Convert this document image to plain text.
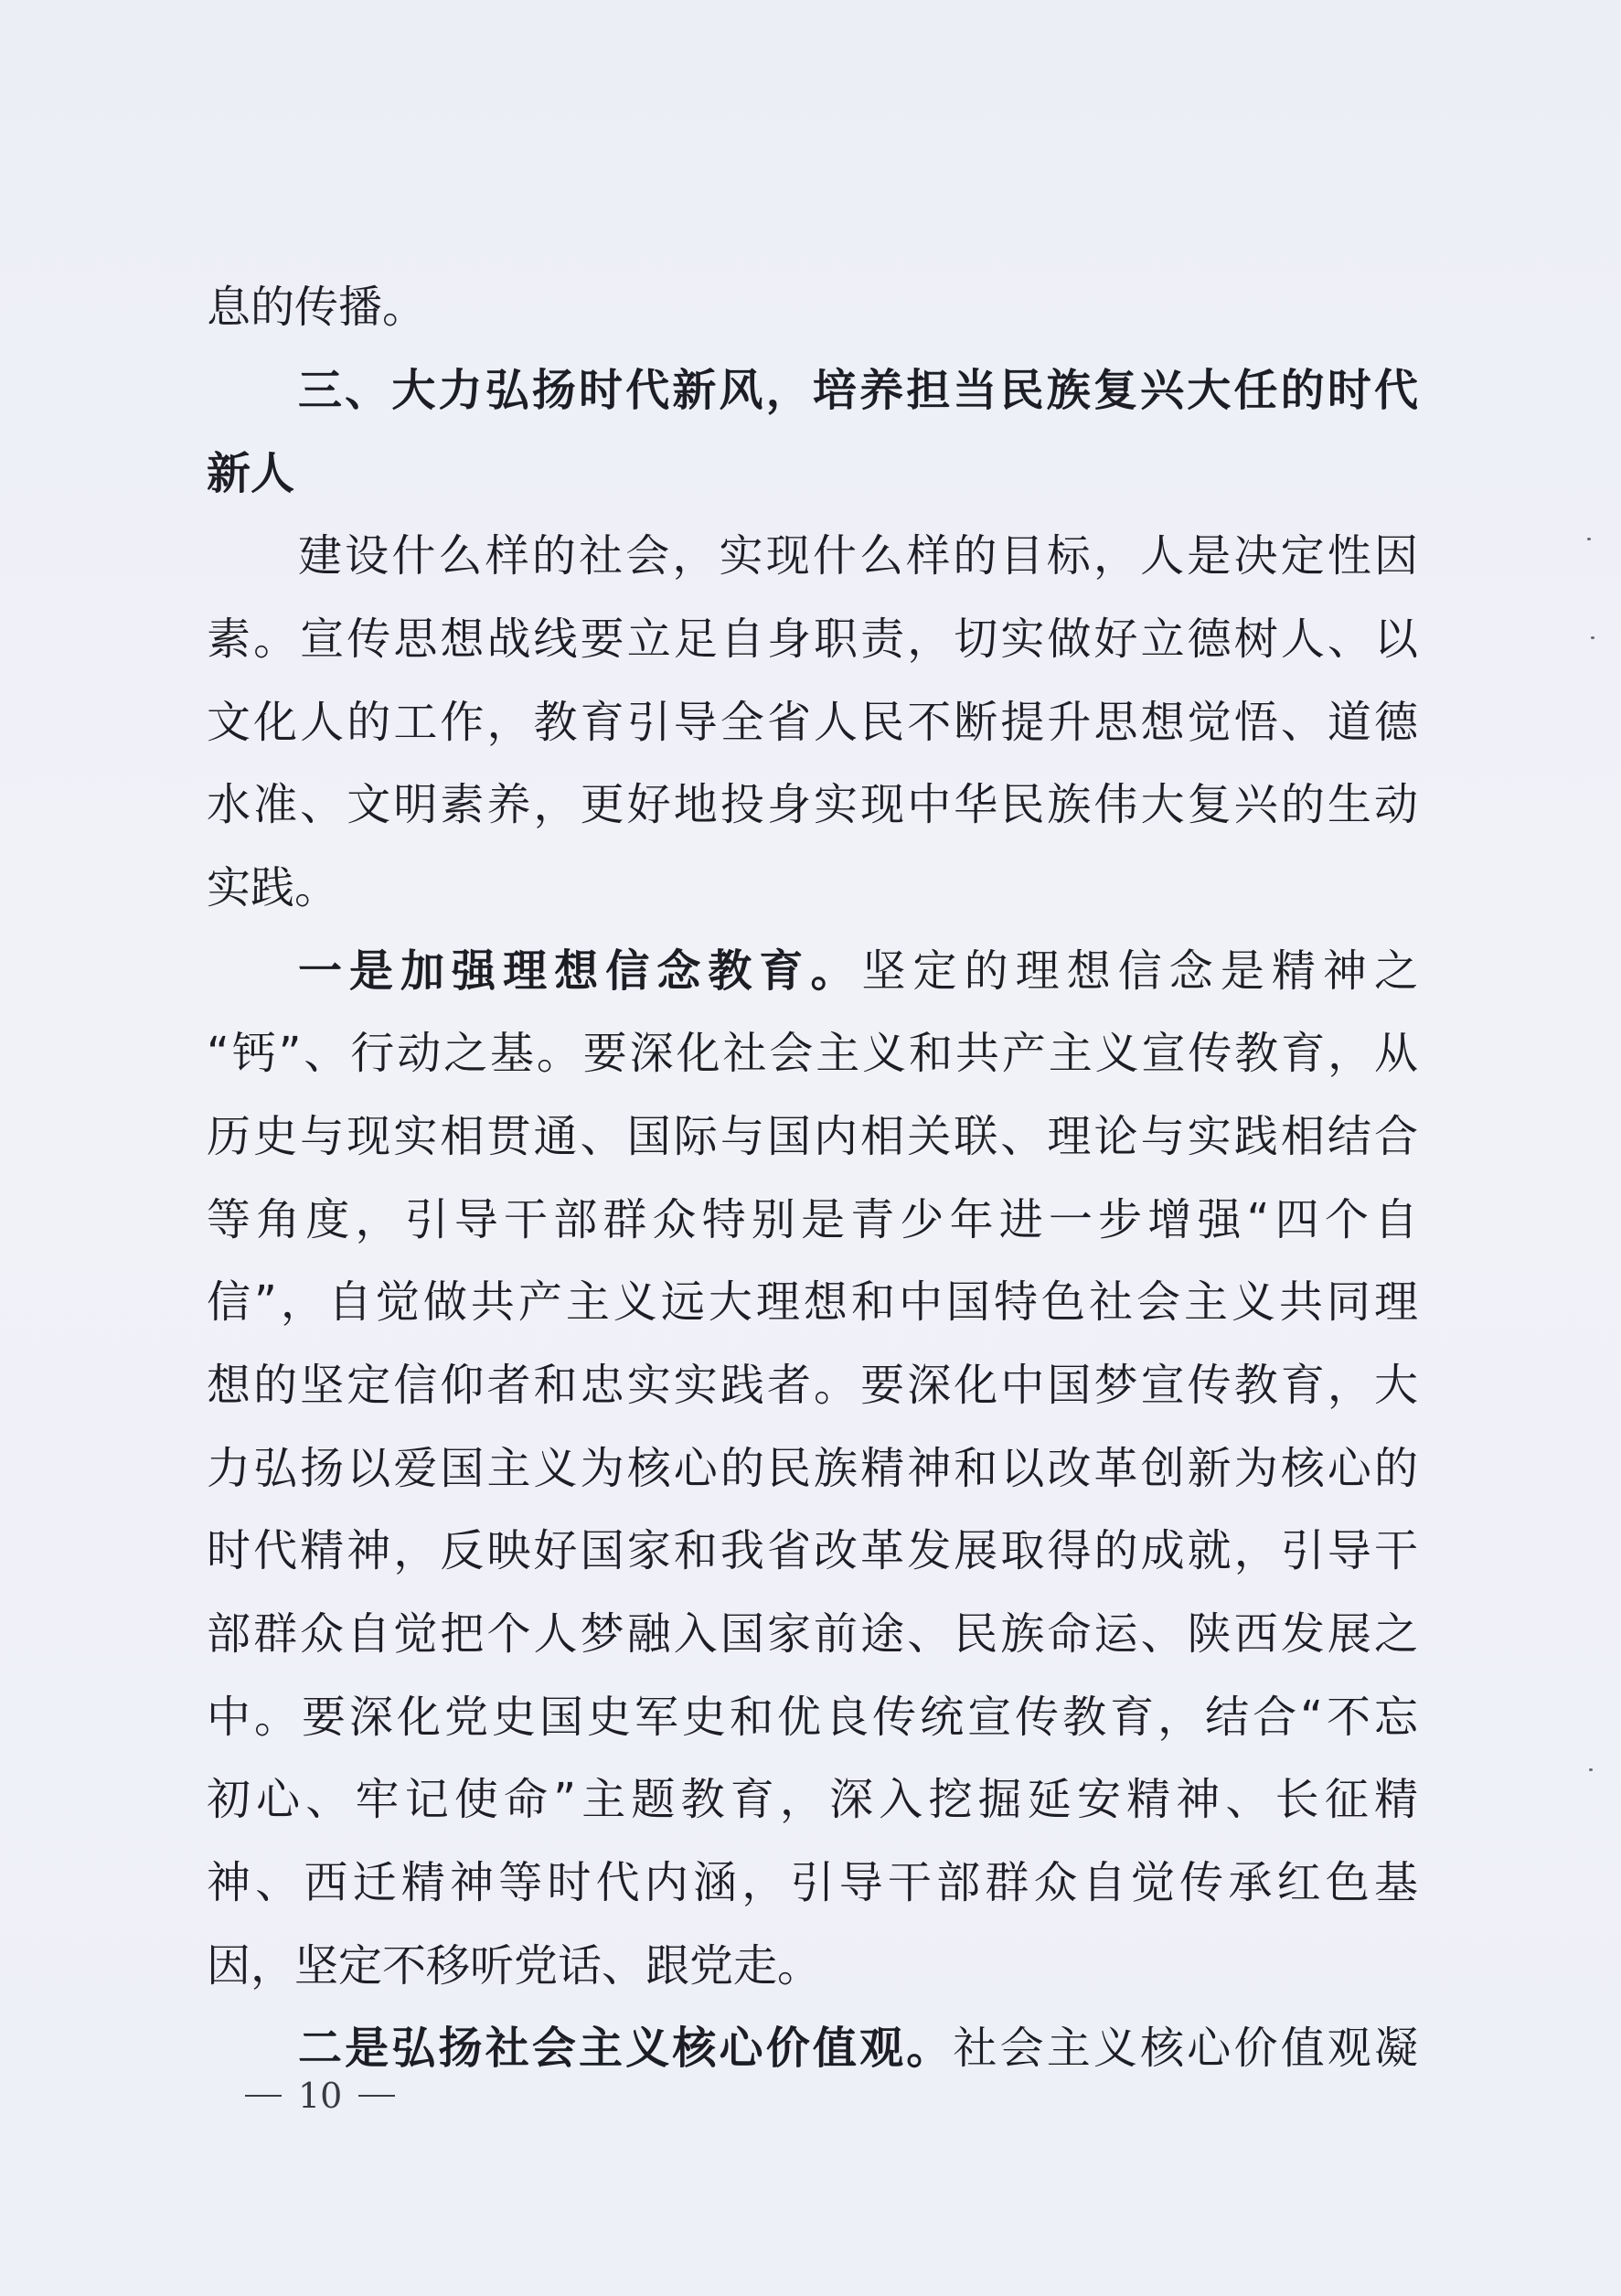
息的传播。
三、大力弘扬时代新风，培养担当民族复兴大任的时代
新人
建设什么样的社会，实现什么样的目标，人是决定性因
素。宣传思想战线要立足自身职责，切实做好立德树人、以
文化人的工作，教育引导全省人民不断提升思想觉悟、道德
水准、文明素养，更好地投身实现中华民族伟大复兴的生动
实践。
一是加强理想信念教育。坚定的理想信念是精神之
“钙”、行动之基。要深化社会主义和共产主义宣传教育，从
历史与现实相贯通、国际与国内相关联、理论与实践相结合
等角度，引导干部群众特别是青少年进一步增强“四个自
信”，自觉做共产主义远大理想和中国特色社会主义共同理
想的坚定信仰者和忠实实践者。要深化中国梦宣传教育，大
力弘扬以爱国主义为核心的民族精神和以改革创新为核心的
时代精神，反映好国家和我省改革发展取得的成就，引导干
部群众自觉把个人梦融入国家前途、民族命运、陕西发展之
中。要深化党史国史军史和优良传统宣传教育，结合“不忘
初心、牢记使命”主题教育，深入挖掘延安精神、长征精
神、西迁精神等时代内涵，引导干部群众自觉传承红色基
因，坚定不移听党话、跟党走。
二是弘扬社会主义核心价值观。社会主义核心价值观凝
10
